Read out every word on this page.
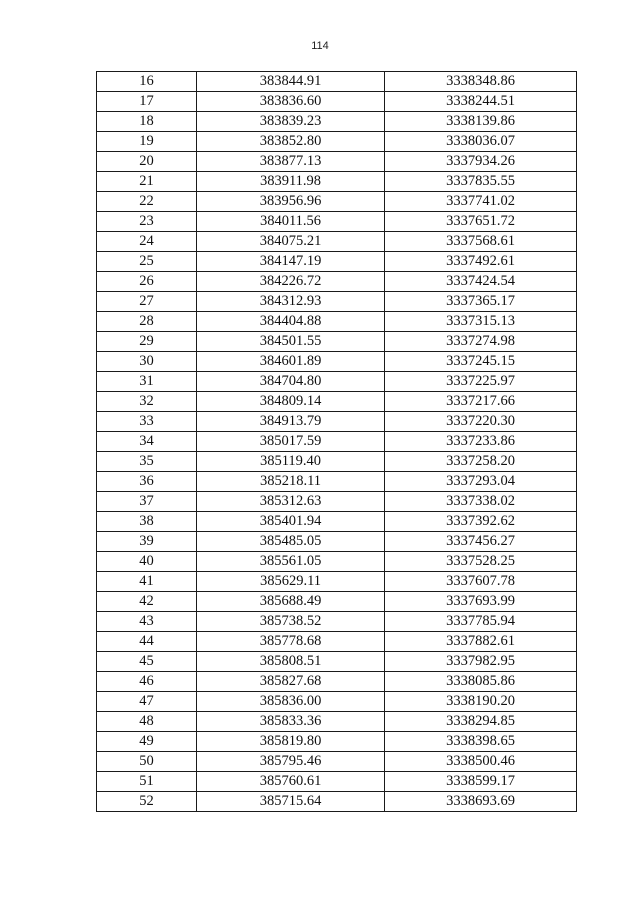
114
16	383844.91	3338348.86
17	383836.60	3338244.51
18	383839.23	3338139.86
19	383852.80	3338036.07
20	383877.13	3337934.26
21	383911.98	3337835.55
22	383956.96	3337741.02
23	384011.56	3337651.72
24	384075.21	3337568.61
25	384147.19	3337492.61
26	384226.72	3337424.54
27	384312.93	3337365.17
28	384404.88	3337315.13
29	384501.55	3337274.98
30	384601.89	3337245.15
31	384704.80	3337225.97
32	384809.14	3337217.66
33	384913.79	3337220.30
34	385017.59	3337233.86
35	385119.40	3337258.20
36	385218.11	3337293.04
37	385312.63	3337338.02
38	385401.94	3337392.62
39	385485.05	3337456.27
40	385561.05	3337528.25
41	385629.11	3337607.78
42	385688.49	3337693.99
43	385738.52	3337785.94
44	385778.68	3337882.61
45	385808.51	3337982.95
46	385827.68	3338085.86
47	385836.00	3338190.20
48	385833.36	3338294.85
49	385819.80	3338398.65
50	385795.46	3338500.46
51	385760.61	3338599.17
52	385715.64	3338693.69
